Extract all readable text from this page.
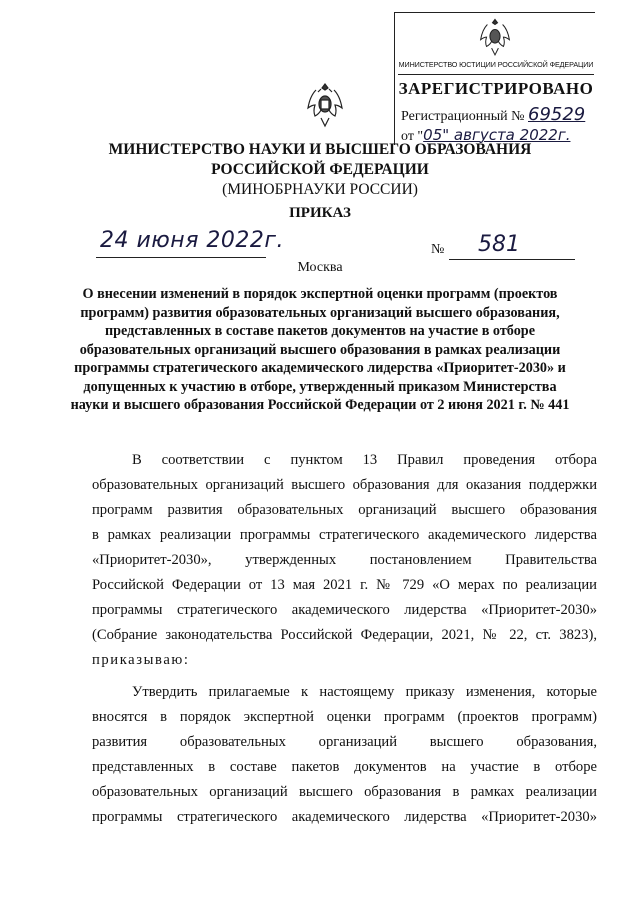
МИНИСТЕРСТВО ЮСТИЦИИ РОССИЙСКОЙ ФЕДЕРАЦИИ
ЗАРЕГИСТРИРОВАНО
Регистрационный № 69529
от "05" августа 2022г.
МИНИСТЕРСТВО НАУКИ И ВЫСШЕГО ОБРАЗОВАНИЯ
РОССИЙСКОЙ ФЕДЕРАЦИИ
(МИНОБРНАУКИ РОССИИ)
ПРИКАЗ
24 июня 2022г.	№ 581
Москва
О внесении изменений в порядок экспертной оценки программ (проектов программ) развития образовательных организаций высшего образования, представленных в составе пакетов документов на участие в отборе образовательных организаций высшего образования в рамках реализации программы стратегического академического лидерства «Приоритет-2030» и допущенных к участию в отборе, утвержденный приказом Министерства науки и высшего образования Российской Федерации от 2 июня 2021 г. № 441
В соответствии с пунктом 13 Правил проведения отбора
образовательных организаций высшего образования для оказания поддержки
программ развития образовательных организаций высшего образования
в рамках реализации программы стратегического академического лидерства
«Приоритет-2030», утвержденных постановлением Правительства
Российской Федерации от 13 мая 2021 г. № 729 «О мерах по реализации
программы стратегического академического лидерства «Приоритет-2030»
(Собрание законодательства Российской Федерации, 2021, № 22, ст. 3823),
приказываю:
Утвердить прилагаемые к настоящему приказу изменения, которые
вносятся в порядок экспертной оценки программ (проектов программ)
развития образовательных организаций высшего образования,
представленных в составе пакетов документов на участие в отборе
образовательных организаций высшего образования в рамках реализации
программы стратегического академического лидерства «Приоритет-2030»
